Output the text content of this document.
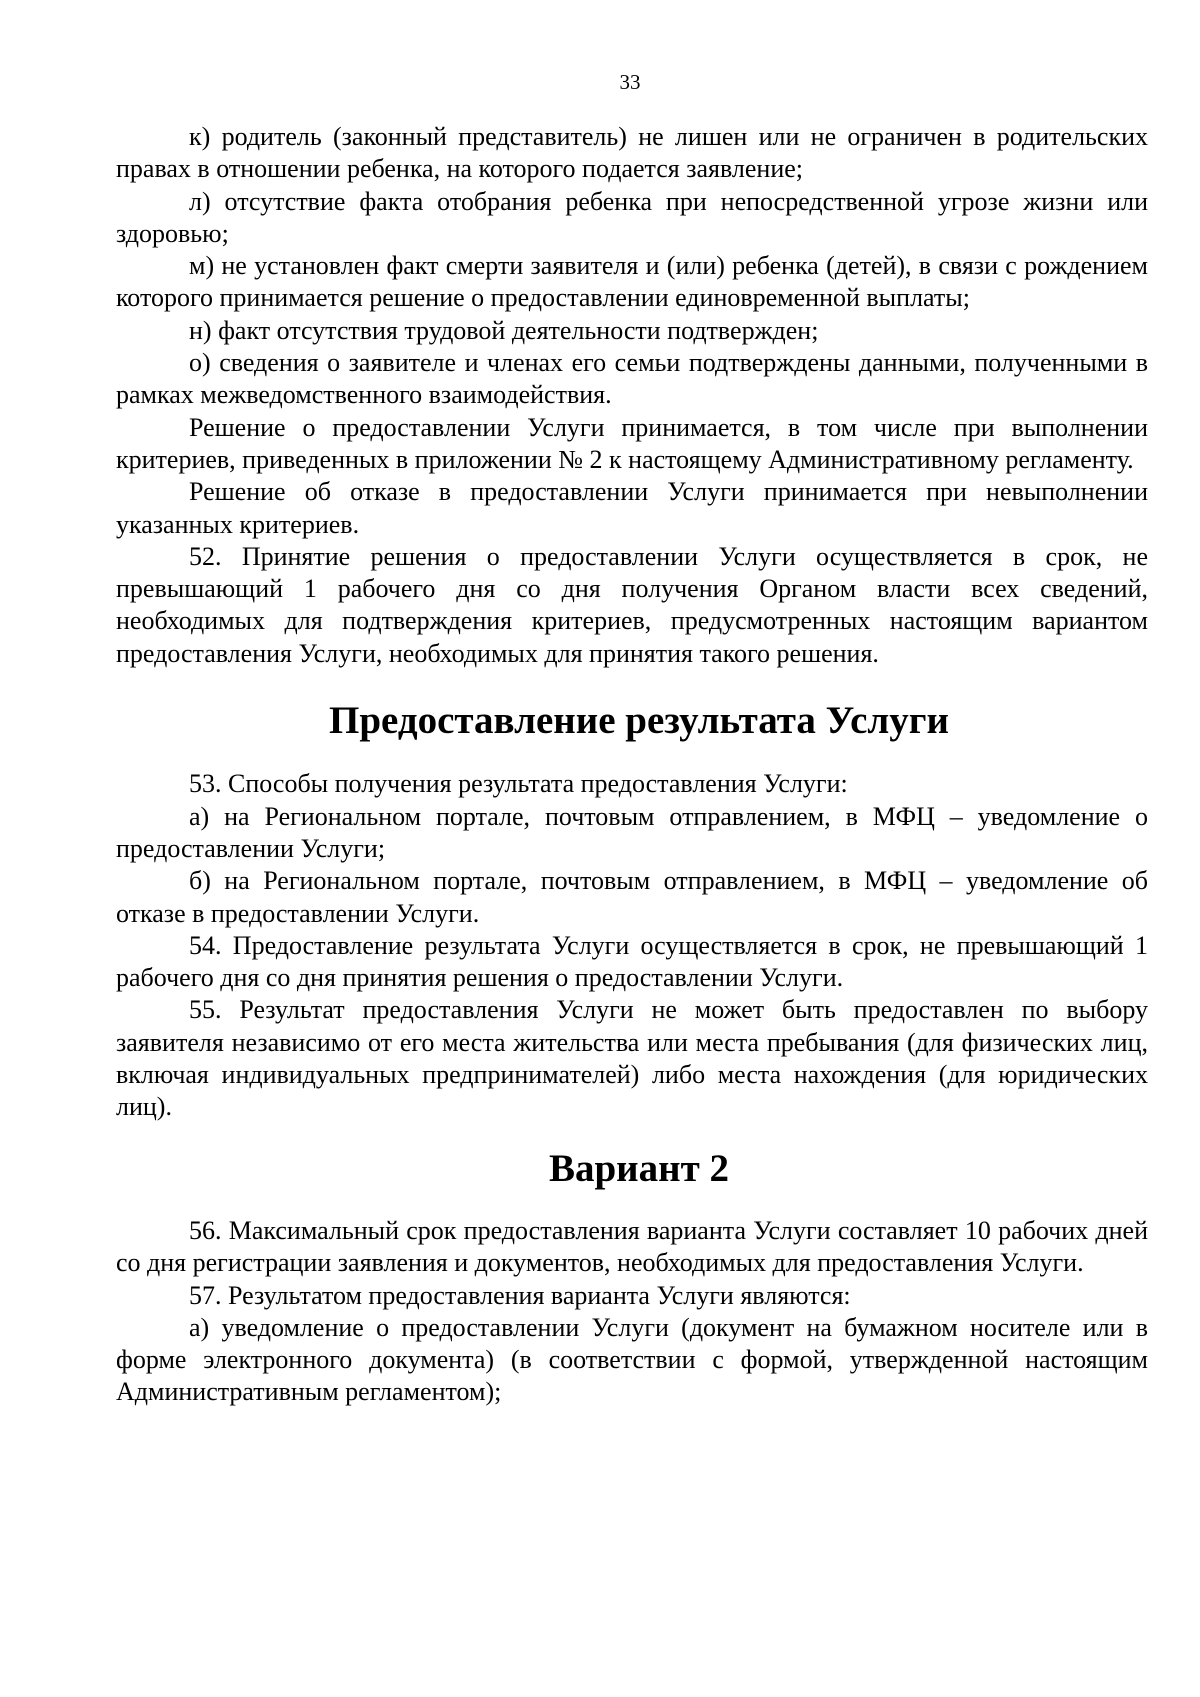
33

к) родитель (законный представитель) не лишен или не ограничен в родительских правах в отношении ребенка, на которого подается заявление;

л) отсутствие факта отобрания ребенка при непосредственной угрозе жизни или здоровью;

м) не установлен факт смерти заявителя и (или) ребенка (детей), в связи с рождением которого принимается решение о предоставлении единовременной выплаты;

н) факт отсутствия трудовой деятельности подтвержден;

о) сведения о заявителе и членах его семьи подтверждены данными, полученными в рамках межведомственного взаимодействия.

Решение о предоставлении Услуги принимается, в том числе при выполнении критериев, приведенных в приложении № 2 к настоящему Административному регламенту.

Решение об отказе в предоставлении Услуги принимается при невыполнении указанных критериев.

52. Принятие решения о предоставлении Услуги осуществляется в срок, не превышающий 1 рабочего дня со дня получения Органом власти всех сведений, необходимых для подтверждения критериев, предусмотренных настоящим вариантом предоставления Услуги, необходимых для принятия такого решения.

Предоставление результата Услуги

53. Способы получения результата предоставления Услуги:

а) на Региональном портале, почтовым отправлением, в МФЦ – уведомление о предоставлении Услуги;

б) на Региональном портале, почтовым отправлением, в МФЦ – уведомление об отказе в предоставлении Услуги.

54. Предоставление результата Услуги осуществляется в срок, не превышающий 1 рабочего дня со дня принятия решения о предоставлении Услуги.

55. Результат предоставления Услуги не может быть предоставлен по выбору заявителя независимо от его места жительства или места пребывания (для физических лиц, включая индивидуальных предпринимателей) либо места нахождения (для юридических лиц).

Вариант 2

56. Максимальный срок предоставления варианта Услуги составляет 10 рабочих дней со дня регистрации заявления и документов, необходимых для предоставления Услуги.

57. Результатом предоставления варианта Услуги являются:

а) уведомление о предоставлении Услуги (документ на бумажном носителе или в форме электронного документа) (в соответствии с формой, утвержденной настоящим Административным регламентом);
